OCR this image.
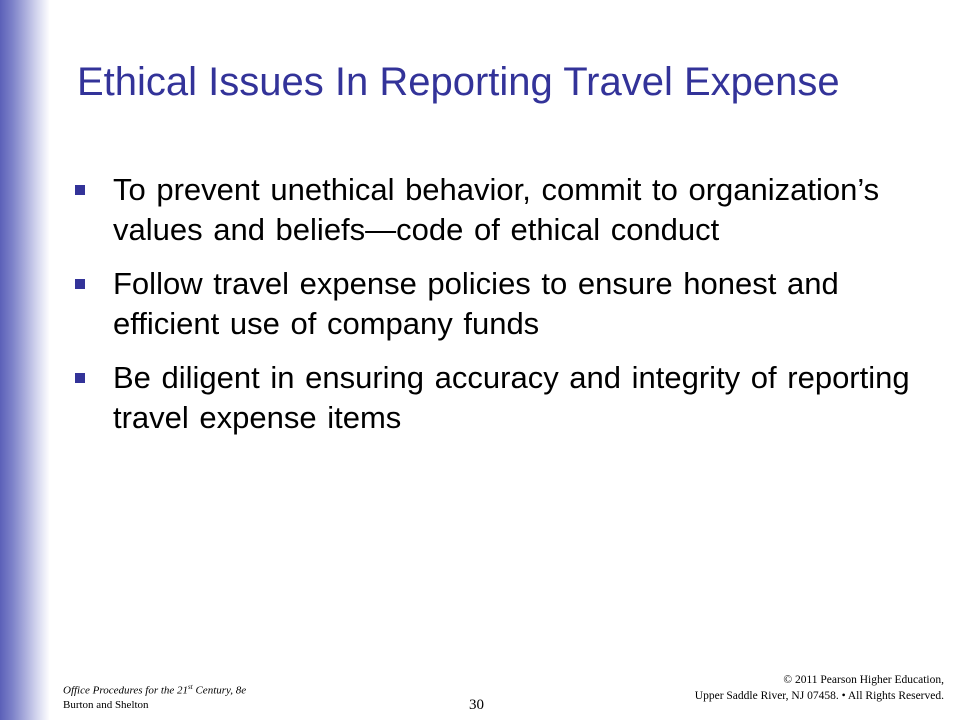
Ethical Issues In Reporting Travel Expense
To prevent unethical behavior, commit to organization’s values and beliefs—code of ethical conduct
Follow travel expense policies to ensure honest and efficient use of company funds
Be diligent in ensuring accuracy and integrity of reporting travel expense items
Office Procedures for the 21st Century, 8e
Burton and Shelton	30
© 2011 Pearson Higher Education,
Upper Saddle River, NJ 07458. • All Rights Reserved.
